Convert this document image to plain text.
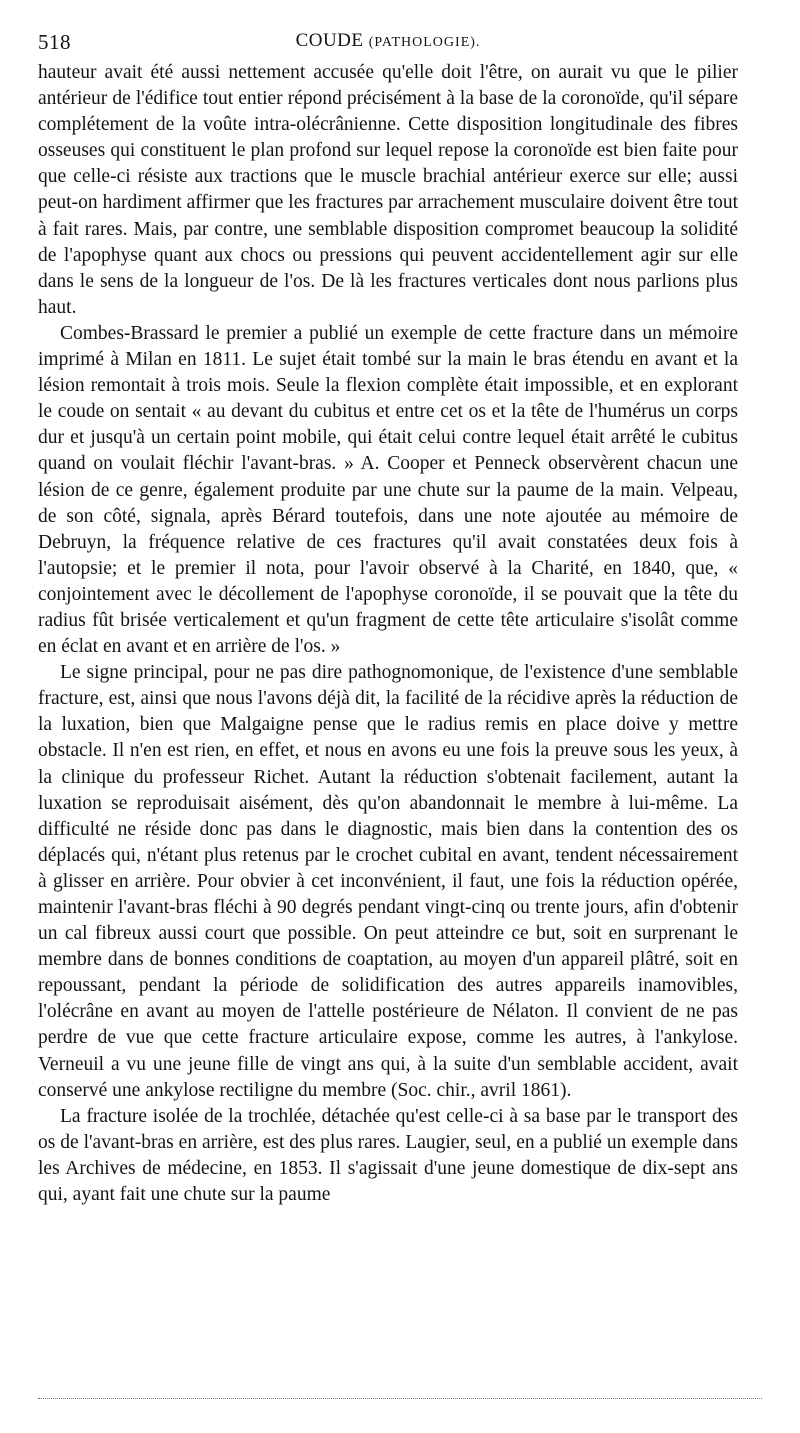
518	COUDE (PATHOLOGIE).

hauteur avait été aussi nettement accusée qu'elle doit l'être, on aurait vu que le pilier antérieur de l'édifice tout entier répond précisément à la base de la coronoïde, qu'il sépare complétement de la voûte intra-olécrânienne. Cette disposition longitudinale des fibres osseuses qui constituent le plan profond sur lequel repose la coronoïde est bien faite pour que celle-ci résiste aux tractions que le muscle brachial antérieur exerce sur elle; aussi peut-on hardiment affirmer que les fractures par arrachement musculaire doivent être tout à fait rares. Mais, par contre, une semblable disposition compromet beaucoup la solidité de l'apophyse quant aux chocs ou pressions qui peuvent accidentellement agir sur elle dans le sens de la longueur de l'os. De là les fractures verticales dont nous parlions plus haut.

Combes-Brassard le premier a publié un exemple de cette fracture dans un mémoire imprimé à Milan en 1811. Le sujet était tombé sur la main le bras étendu en avant et la lésion remontait à trois mois. Seule la flexion complète était impossible, et en explorant le coude on sentait « au devant du cubitus et entre cet os et la tête de l'humérus un corps dur et jusqu'à un certain point mobile, qui était celui contre lequel était arrêté le cubitus quand on voulait fléchir l'avant-bras. » A. Cooper et Penneck observèrent chacun une lésion de ce genre, également produite par une chute sur la paume de la main. Velpeau, de son côté, signala, après Bérard toutefois, dans une note ajoutée au mémoire de Debruyn, la fréquence relative de ces fractures qu'il avait constatées deux fois à l'autopsie; et le premier il nota, pour l'avoir observé à la Charité, en 1840, que, « conjointement avec le décollement de l'apophyse coronoïde, il se pouvait que la tête du radius fût brisée verticalement et qu'un fragment de cette tête articulaire s'isolât comme en éclat en avant et en arrière de l'os. »

Le signe principal, pour ne pas dire pathognomonique, de l'existence d'une semblable fracture, est, ainsi que nous l'avons déjà dit, la facilité de la récidive après la réduction de la luxation, bien que Malgaigne pense que le radius remis en place doive y mettre obstacle. Il n'en est rien, en effet, et nous en avons eu une fois la preuve sous les yeux, à la clinique du professeur Richet. Autant la réduction s'obtenait facilement, autant la luxation se reproduisait aisément, dès qu'on abandonnait le membre à lui-même. La difficulté ne réside donc pas dans le diagnostic, mais bien dans la contention des os déplacés qui, n'étant plus retenus par le crochet cubital en avant, tendent nécessairement à glisser en arrière. Pour obvier à cet inconvénient, il faut, une fois la réduction opérée, maintenir l'avant-bras fléchi à 90 degrés pendant vingt-cinq ou trente jours, afin d'obtenir un cal fibreux aussi court que possible. On peut atteindre ce but, soit en surprenant le membre dans de bonnes conditions de coaptation, au moyen d'un appareil plâtré, soit en repoussant, pendant la période de solidification des autres appareils inamovibles, l'olécrâne en avant au moyen de l'attelle postérieure de Nélaton. Il convient de ne pas perdre de vue que cette fracture articulaire expose, comme les autres, à l'ankylose. Verneuil a vu une jeune fille de vingt ans qui, à la suite d'un semblable accident, avait conservé une ankylose rectiligne du membre (Soc. chir., avril 1861).

La fracture isolée de la trochlée, détachée qu'est celle-ci à sa base par le transport des os de l'avant-bras en arrière, est des plus rares. Laugier, seul, en a publié un exemple dans les Archives de médecine, en 1853. Il s'agissait d'une jeune domestique de dix-sept ans qui, ayant fait une chute sur la paume
